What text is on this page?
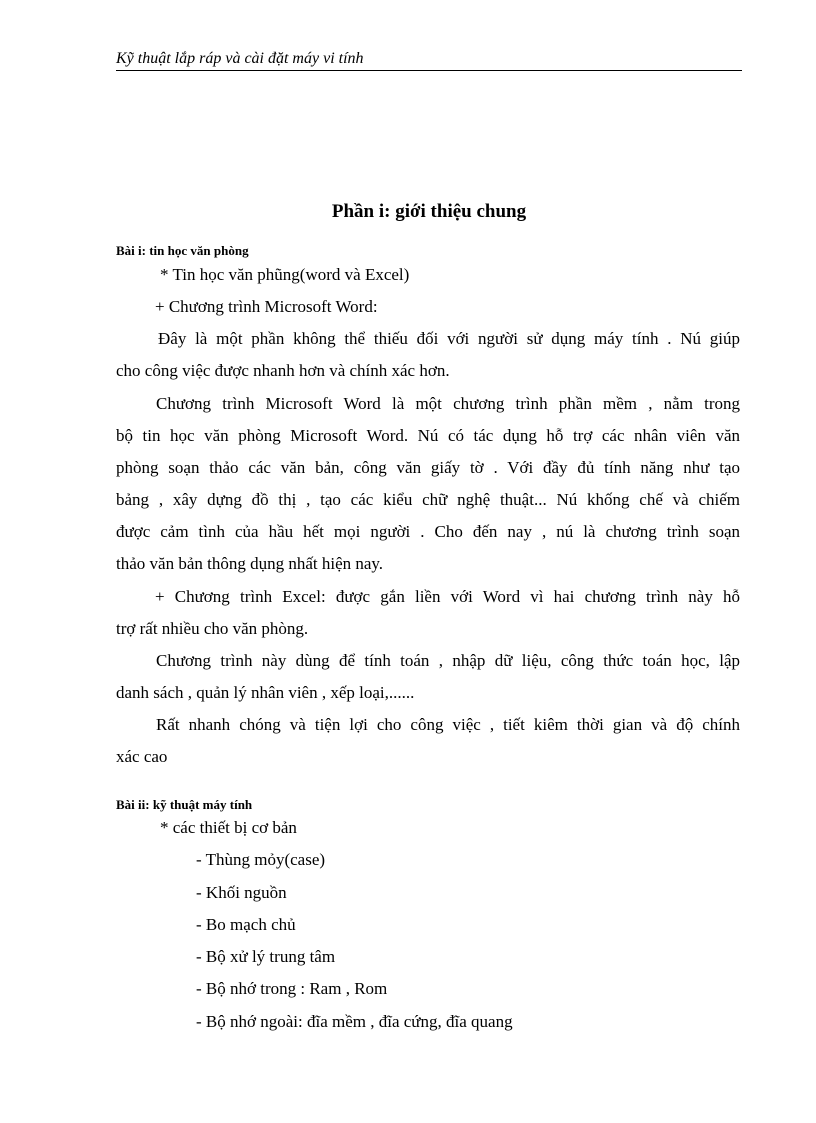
Kỹ thuật lắp ráp và cài đặt máy vi tính
Phần i: giới thiệu chung
Bài i: tin học văn phòng
* Tin học văn phũng(word và Excel)
+ Chương trình Microsoft Word:
Đây là một phần không thể thiếu đối với người sử dụng máy tính . Nú giúp
cho công việc được nhanh hơn và chính xác hơn.
Chương trình Microsoft Word là một chương trình phần mềm , nằm trong
bộ tin học văn phòng Microsoft Word. Nú có tác dụng hỗ trợ các nhân viên văn
phòng soạn thảo các văn bản, công văn giấy tờ . Với đầy đủ tính năng như tạo
bảng , xây dựng đồ thị , tạo các kiểu chữ nghệ thuật... Nú khống chế và chiếm
được cảm tình của hầu hết mọi người . Cho đến nay , nú là chương trình soạn
thảo văn bản thông dụng nhất hiện nay.
+ Chương trình Excel: được gắn liền với Word vì hai chương trình này hỗ
trợ rất nhiều cho văn phòng.
Chương trình này dùng để tính toán , nhập dữ liệu, công thức toán học, lập
danh sách , quản lý nhân viên , xếp loại,......
Rất nhanh chóng và tiện lợi cho công việc , tiết kiêm thời gian và độ chính
xác cao
Bài ii: kỹ thuật máy tính
* các thiết bị cơ bản
- Thùng mỏy(case)
- Khối nguồn
- Bo mạch chủ
- Bộ xử lý trung tâm
- Bộ nhớ trong : Ram , Rom
- Bộ nhớ ngoài: đĩa mềm , đĩa cứng, đĩa quang
